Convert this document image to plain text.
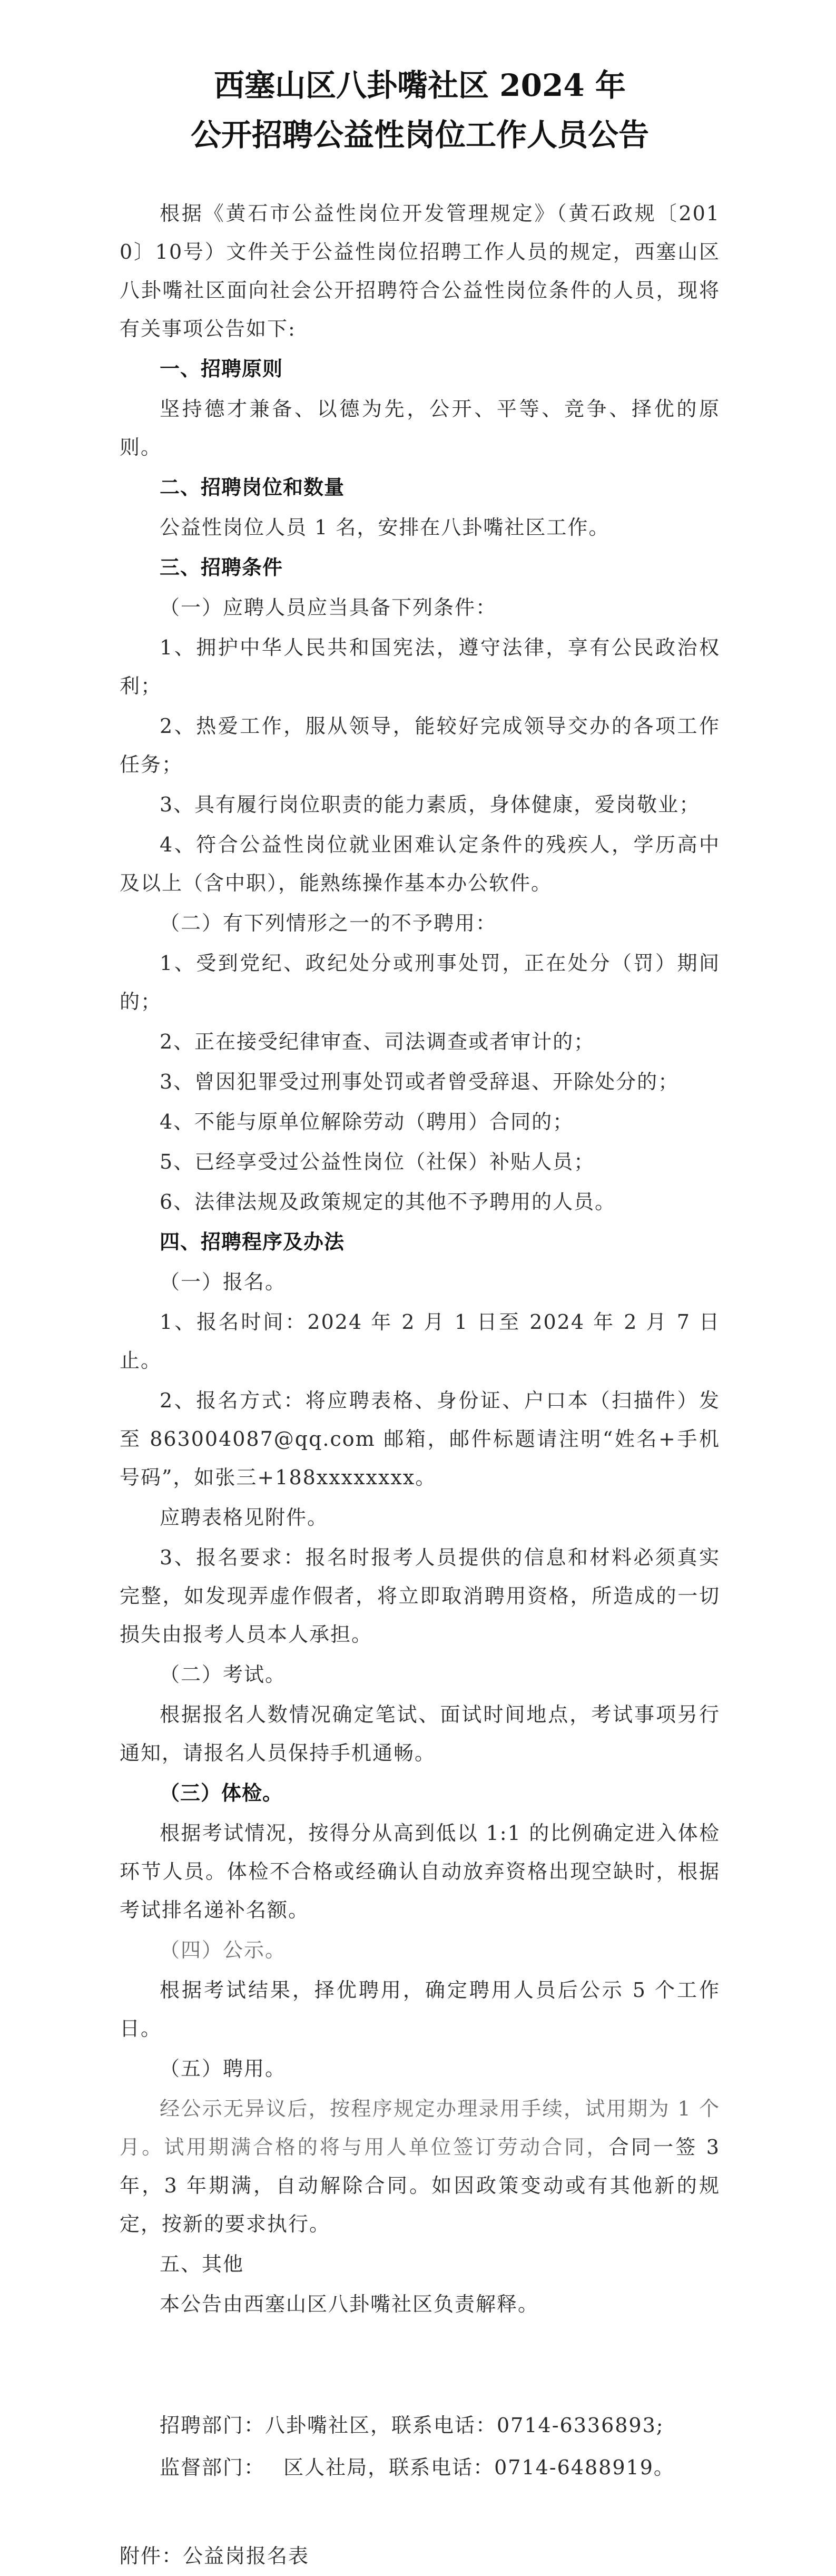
西塞山区八卦嘴社区 2024 年
公开招聘公益性岗位工作人员公告

根据《黄石市公益性岗位开发管理规定》（黄石政规〔2010〕10号）文件关于公益性岗位招聘工作人员的规定，西塞山区八卦嘴社区面向社会公开招聘符合公益性岗位条件的人员，现将有关事项公告如下:

一、招聘原则

坚持德才兼备、以德为先，公开、平等、竞争、择优的原则。

二、招聘岗位和数量

公益性岗位人员 1 名，安排在八卦嘴社区工作。

三、招聘条件

（一）应聘人员应当具备下列条件：

1、拥护中华人民共和国宪法，遵守法律，享有公民政治权利；

2、热爱工作，服从领导，能较好完成领导交办的各项工作任务；

3、具有履行岗位职责的能力素质，身体健康，爱岗敬业；

4、符合公益性岗位就业困难认定条件的残疾人，学历高中及以上（含中职），能熟练操作基本办公软件。

（二）有下列情形之一的不予聘用：

1、受到党纪、政纪处分或刑事处罚，正在处分（罚）期间的；

2、正在接受纪律审查、司法调查或者审计的；

3、曾因犯罪受过刑事处罚或者曾受辞退、开除处分的；

4、不能与原单位解除劳动（聘用）合同的；

5、已经享受过公益性岗位（社保）补贴人员；

6、法律法规及政策规定的其他不予聘用的人员。

四、招聘程序及办法

（一）报名。

1、报名时间：2024 年 2 月 1 日至 2024 年 2 月 7 日止。

2、报名方式：将应聘表格、身份证、户口本（扫描件）发至 863004087@qq.com 邮箱，邮件标题请注明“姓名+手机号码”，如张三+188xxxxxxxx。

应聘表格见附件。

3、报名要求：报名时报考人员提供的信息和材料必须真实完整，如发现弄虚作假者，将立即取消聘用资格，所造成的一切损失由报考人员本人承担。

（二）考试。

根据报名人数情况确定笔试、面试时间地点，考试事项另行通知，请报名人员保持手机通畅。

（三）体检。

根据考试情况，按得分从高到低以 1:1 的比例确定进入体检环节人员。体检不合格或经确认自动放弃资格出现空缺时，根据考试排名递补名额。

（四）公示。

根据考试结果，择优聘用，确定聘用人员后公示 5 个工作日。

（五）聘用。

经公示无异议后，按程序规定办理录用手续，试用期为 1 个月。试用期满合格的将与用人单位签订劳动合同，合同一签 3 年，3 年期满，自动解除合同。如因政策变动或有其他新的规定，按新的要求执行。

五、其他

本公告由西塞山区八卦嘴社区负责解释。

招聘部门：八卦嘴社区，联系电话：0714-6336893;

监督部门：　 区人社局，联系电话：0714-6488919。

附件：公益岗报名表
